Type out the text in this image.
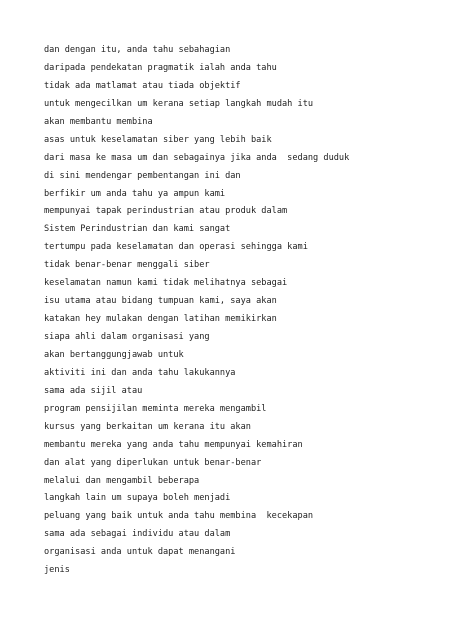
dan dengan itu, anda tahu sebahagian
daripada pendekatan pragmatik ialah anda tahu
tidak ada matlamat atau tiada objektif
untuk mengecilkan um kerana setiap langkah mudah itu
akan membantu membina
asas untuk keselamatan siber yang lebih baik
dari masa ke masa um dan sebagainya jika anda  sedang duduk
di sini mendengar pembentangan ini dan
berfikir um anda tahu ya ampun kami
mempunyai tapak perindustrian atau produk dalam
Sistem Perindustrian dan kami sangat
tertumpu pada keselamatan dan operasi sehingga kami
tidak benar-benar menggali siber
keselamatan namun kami tidak melihatnya sebagai
isu utama atau bidang tumpuan kami, saya akan
katakan hey mulakan dengan latihan memikirkan
siapa ahli dalam organisasi yang
akan bertanggungjawab untuk
aktiviti ini dan anda tahu lakukannya
sama ada sijil atau
program pensijilan meminta mereka mengambil
kursus yang berkaitan um kerana itu akan
membantu mereka yang anda tahu mempunyai kemahiran
dan alat yang diperlukan untuk benar-benar
melalui dan mengambil beberapa
langkah lain um supaya boleh menjadi
peluang yang baik untuk anda tahu membina  kecekapan
sama ada sebagai individu atau dalam
organisasi anda untuk dapat menangani
jenis
